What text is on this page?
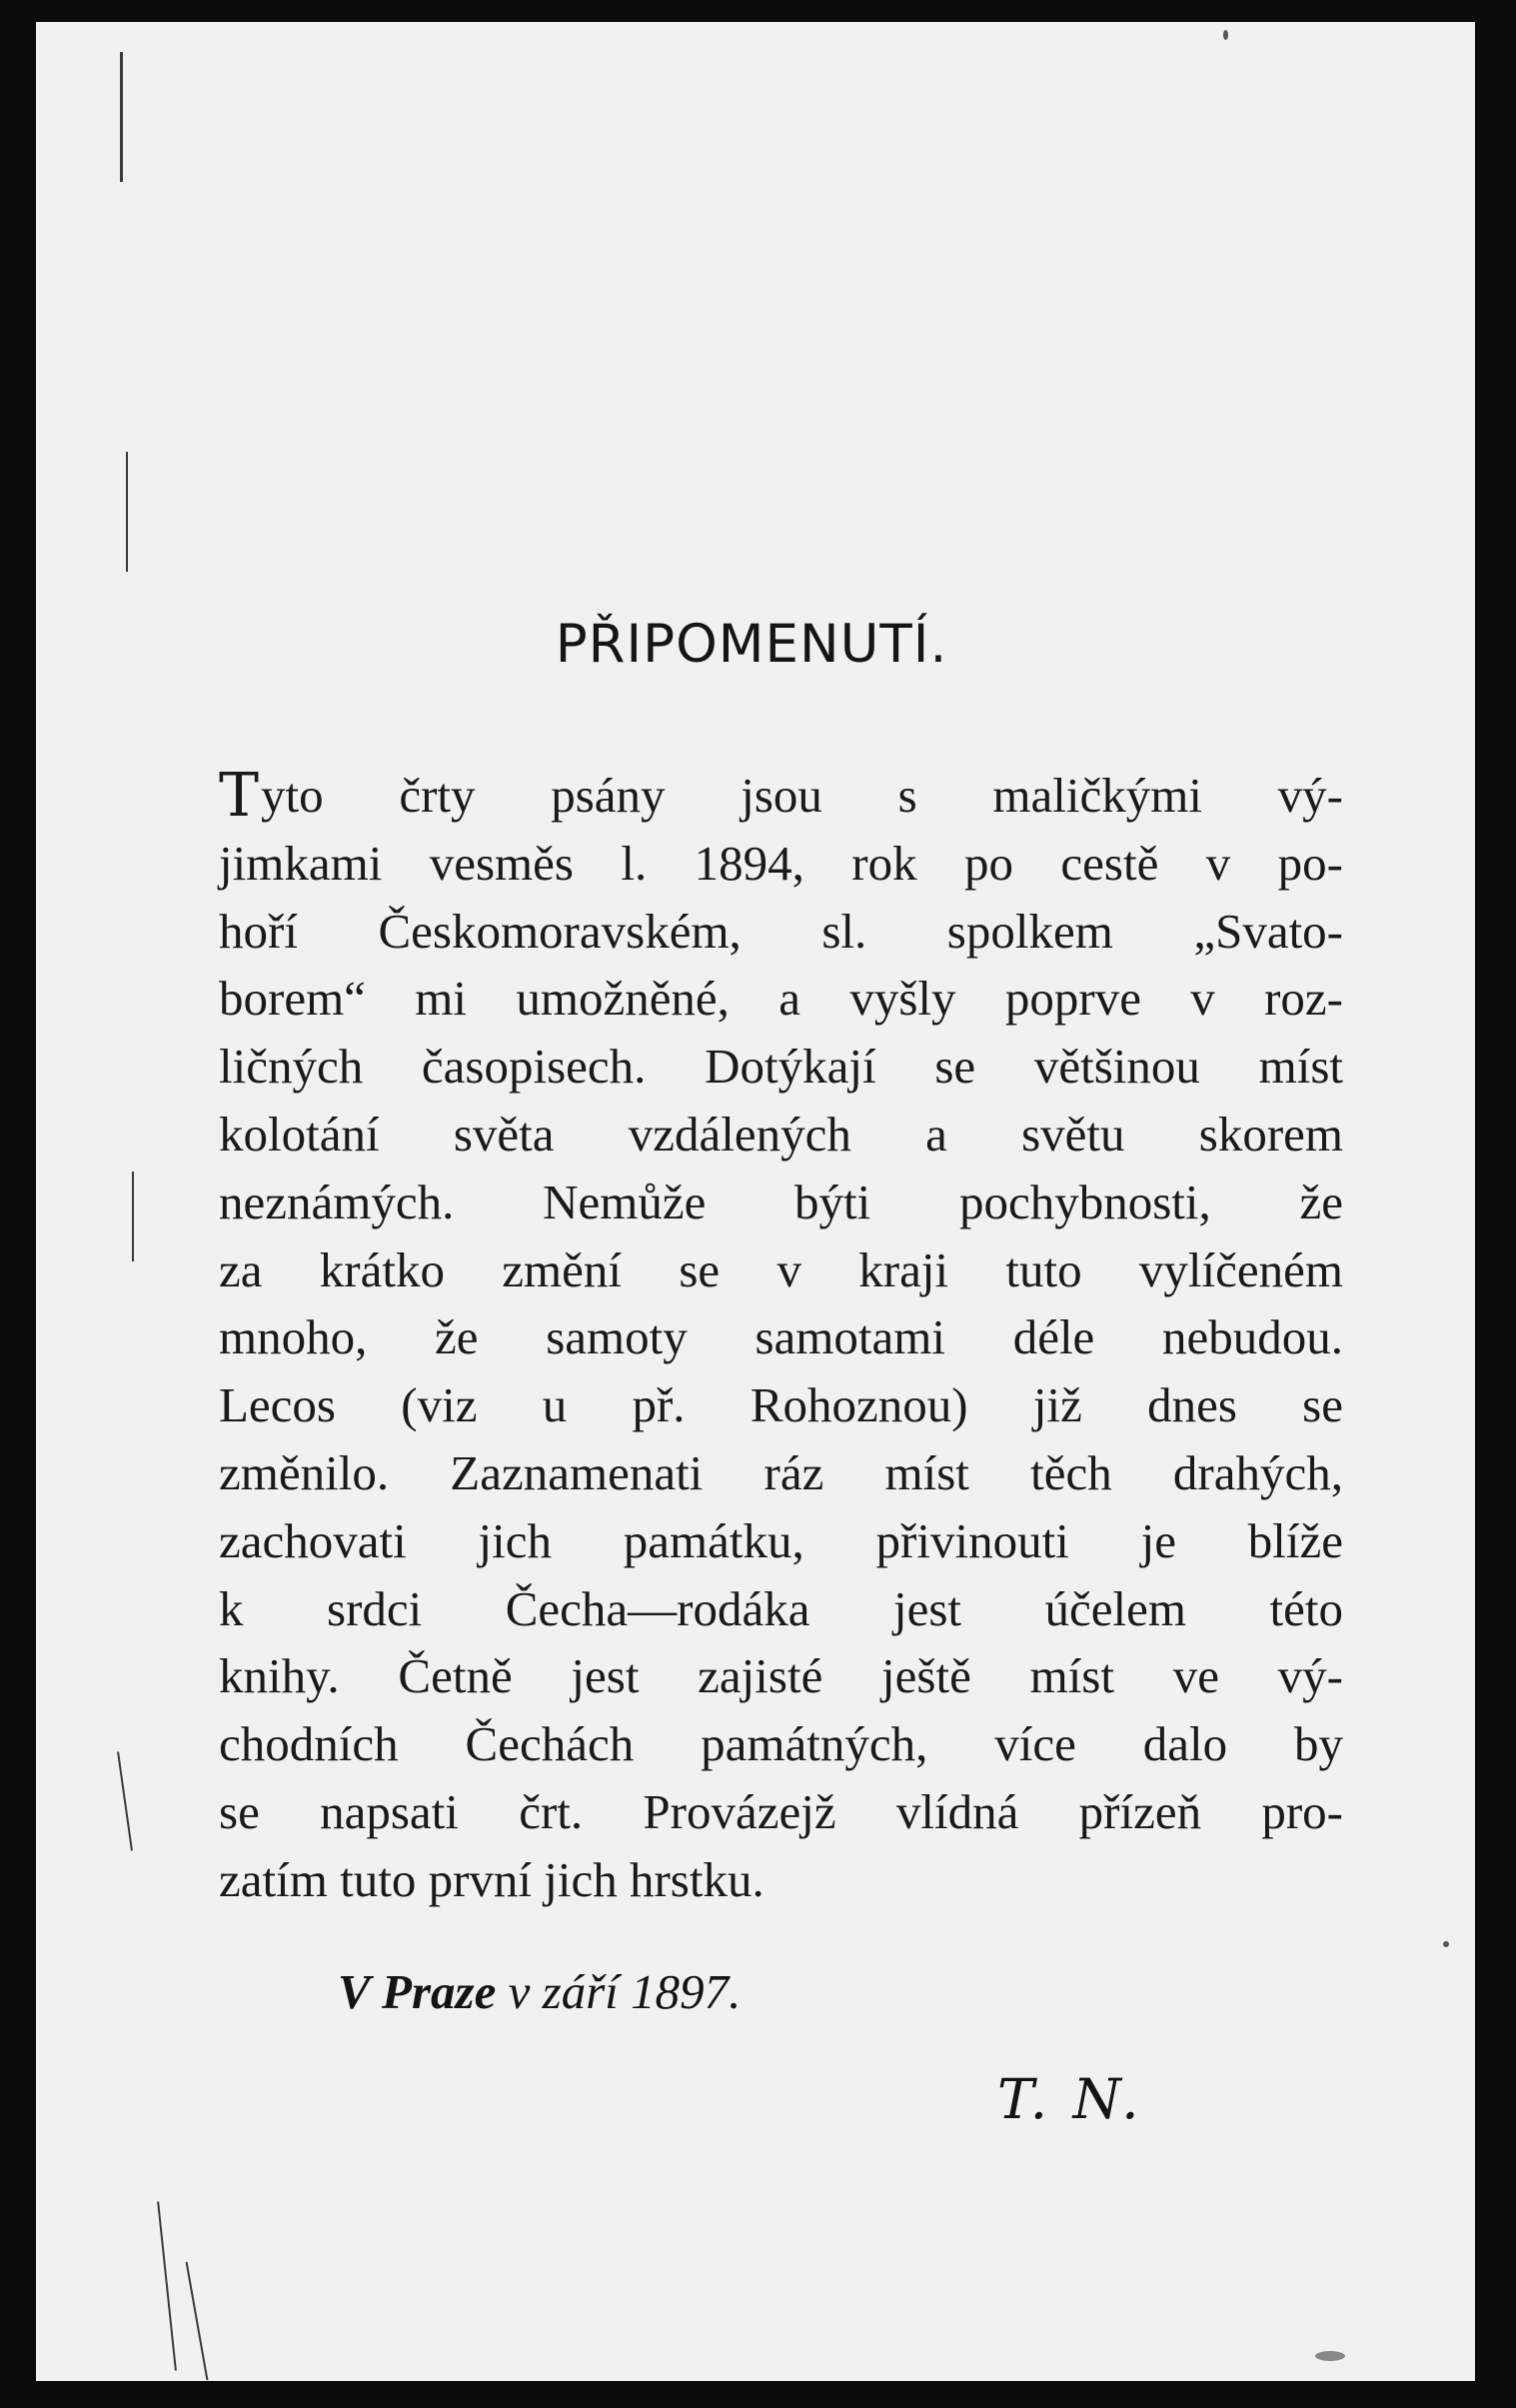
PŘIPOMENUTÍ.
Tyto črty psány jsou s maličkými vý-
jimkami vesměs l. 1894, rok po cestě v po-
hoří Českomoravském, sl. spolkem „Svato-
borem“ mi umožněné, a vyšly poprve v roz-
ličných časopisech. Dotýkají se většinou míst
kolotání světa vzdálených a světu skorem
neznámých. Nemůže býti pochybnosti, že
za krátko změní se v kraji tuto vylíčeném
mnoho, že samoty samotami déle nebudou.
Lecos (viz u př. Rohoznou) již dnes se
změnilo. Zaznamenati ráz míst těch drahých,
zachovati jich památku, přivinouti je blíže
k srdci Čecha—rodáka jest účelem této
knihy. Četně jest zajisté ještě míst ve vý-
chodních Čechách památných, více dalo by
se napsati črt. Provázejž vlídná přízeň pro-
zatím tuto první jich hrstku.
V Praze v září 1897.
T. N.
